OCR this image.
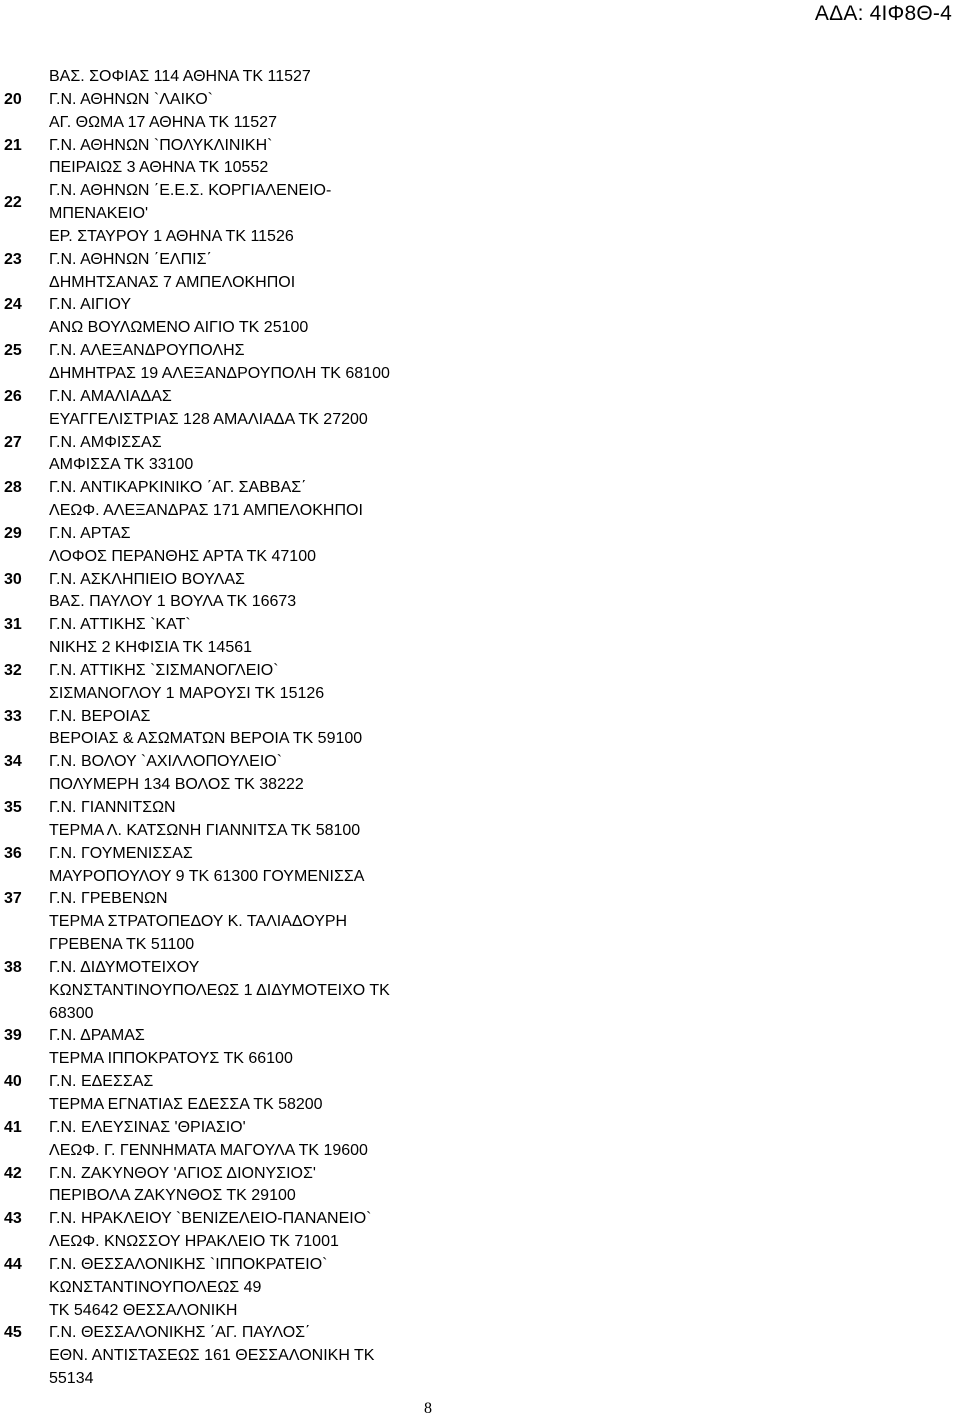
ΑΔΑ: 4ΙΦ8Θ-4
ΒΑΣ. ΣΟΦΙΑΣ 114 ΑΘΗΝΑ ΤΚ 11527
20 Γ.Ν. ΑΘΗΝΩΝ `ΛΑΙΚΟ`
ΑΓ. ΘΩΜΑ 17 ΑΘΗΝΑ ΤΚ 11527
21 Γ.Ν. ΑΘΗΝΩΝ `ΠΟΛΥΚΛΙΝΙΚΗ`
ΠΕΙΡΑΙΩΣ 3 ΑΘΗΝΑ ΤΚ 10552
22
Γ.Ν. ΑΘΗΝΩΝ ΄Ε.Ε.Σ. ΚΟΡΓΙΑΛΕΝΕΙΟ-
ΜΠΕΝΑΚΕΙΟ'
ΕΡ. ΣΤΑΥΡΟΥ 1 ΑΘΗΝΑ ΤΚ 11526
23 Γ.Ν. ΑΘΗΝΩΝ ΄ΕΛΠΙΣ΄
ΔΗΜΗΤΣΑΝΑΣ 7 ΑΜΠΕΛΟΚΗΠΟΙ
24 Γ.Ν. ΑΙΓΙΟΥ
ΑΝΩ ΒΟΥΛΩΜΕΝΟ ΑΙΓΙΟ ΤΚ 25100
25 Γ.Ν. ΑΛΕΞΑΝΔΡΟΥΠΟΛΗΣ
ΔΗΜΗΤΡΑΣ 19 ΑΛΕΞΑΝΔΡΟΥΠΟΛΗ ΤΚ 68100
26 Γ.Ν. ΑΜΑΛΙΑΔΑΣ
ΕΥΑΓΓΕΛΙΣΤΡΙΑΣ 128 ΑΜΑΛΙΑΔΑ ΤΚ 27200
27 Γ.Ν. ΑΜΦΙΣΣΑΣ
ΑΜΦΙΣΣΑ ΤΚ 33100
28 Γ.Ν. ΑΝΤΙΚΑΡΚΙΝΙΚΟ ΄ΑΓ. ΣΑΒΒΑΣ΄
ΛΕΩΦ. ΑΛΕΞΑΝΔΡΑΣ 171 ΑΜΠΕΛΟΚΗΠΟΙ
29 Γ.Ν. ΑΡΤΑΣ
ΛΟΦΟΣ ΠΕΡΑΝΘΗΣ ΑΡΤΑ ΤΚ 47100
30 Γ.Ν. ΑΣΚΛΗΠΙΕΙΟ ΒΟΥΛΑΣ
ΒΑΣ. ΠΑΥΛΟΥ 1 ΒΟΥΛΑ ΤΚ 16673
31 Γ.Ν. ΑΤΤΙΚΗΣ `ΚΑΤ`
ΝΙΚΗΣ 2 ΚΗΦΙΣΙΑ ΤΚ 14561
32 Γ.Ν. ΑΤΤΙΚΗΣ `ΣΙΣΜΑΝΟΓΛΕΙΟ`
ΣΙΣΜΑΝΟΓΛΟΥ 1 ΜΑΡΟΥΣΙ ΤΚ 15126
33 Γ.Ν. ΒΕΡΟΙΑΣ
ΒΕΡΟΙΑΣ & ΑΣΩΜΑΤΩΝ ΒΕΡΟΙΑ ΤΚ 59100
34 Γ.Ν. ΒΟΛΟΥ `ΑΧΙΛΛΟΠΟΥΛΕΙΟ`
ΠΟΛΥΜΕΡΗ 134 ΒΟΛΟΣ ΤΚ 38222
35 Γ.Ν. ΓΙΑΝΝΙΤΣΩΝ
ΤΕΡΜΑ Λ. ΚΑΤΣΩΝΗ ΓΙΑΝΝΙΤΣΑ ΤΚ 58100
36 Γ.Ν. ΓΟΥΜΕΝΙΣΣΑΣ
ΜΑΥΡΟΠΟΥΛΟΥ 9 ΤΚ 61300 ΓΟΥΜΕΝΙΣΣΑ
37 Γ.Ν. ΓΡΕΒΕΝΩΝ
ΤΕΡΜΑ ΣΤΡΑΤΟΠΕΔΟΥ Κ. ΤΑΛΙΑΔΟΥΡΗ
ΓΡΕΒΕΝΑ ΤΚ 51100
38 Γ.Ν. ΔΙΔΥΜΟΤΕΙΧΟΥ
ΚΩΝΣΤΑΝΤΙΝΟΥΠΟΛΕΩΣ 1 ΔΙΔΥΜΟΤΕΙΧΟ ΤΚ
68300
39 Γ.Ν. ΔΡΑΜΑΣ
ΤΕΡΜΑ ΙΠΠΟΚΡΑΤΟΥΣ ΤΚ 66100
40 Γ.Ν. ΕΔΕΣΣΑΣ
ΤΕΡΜΑ ΕΓΝΑΤΙΑΣ ΕΔΕΣΣΑ ΤΚ 58200
41 Γ.Ν. ΕΛΕΥΣΙΝΑΣ 'ΘΡΙΑΣΙΟ'
ΛΕΩΦ. Γ. ΓΕΝΝΗΜΑΤΑ ΜΑΓΟΥΛΑ ΤΚ 19600
42 Γ.Ν. ΖΑΚΥΝΘΟΥ 'ΑΓΙΟΣ ΔΙΟΝΥΣΙΟΣ'
ΠΕΡΙΒΟΛΑ ΖΑΚΥΝΘΟΣ ΤΚ 29100
43 Γ.Ν. ΗΡΑΚΛΕΙΟΥ `ΒΕΝΙΖΕΛΕΙΟ-ΠΑΝΑΝΕΙΟ`
ΛΕΩΦ. ΚΝΩΣΣΟΥ ΗΡΑΚΛΕΙΟ ΤΚ 71001
44 Γ.Ν. ΘΕΣΣΑΛΟΝΙΚΗΣ `ΙΠΠΟΚΡΑΤΕΙΟ`
ΚΩΝΣΤΑΝΤΙΝΟΥΠΟΛΕΩΣ 49
ΤΚ 54642 ΘΕΣΣΑΛΟΝΙΚΗ
45 Γ.Ν. ΘΕΣΣΑΛΟΝΙΚΗΣ ΄ΑΓ. ΠΑΥΛΟΣ΄
ΕΘΝ. ΑΝΤΙΣΤΑΣΕΩΣ 161 ΘΕΣΣΑΛΟΝΙΚΗ ΤΚ
55134
8
